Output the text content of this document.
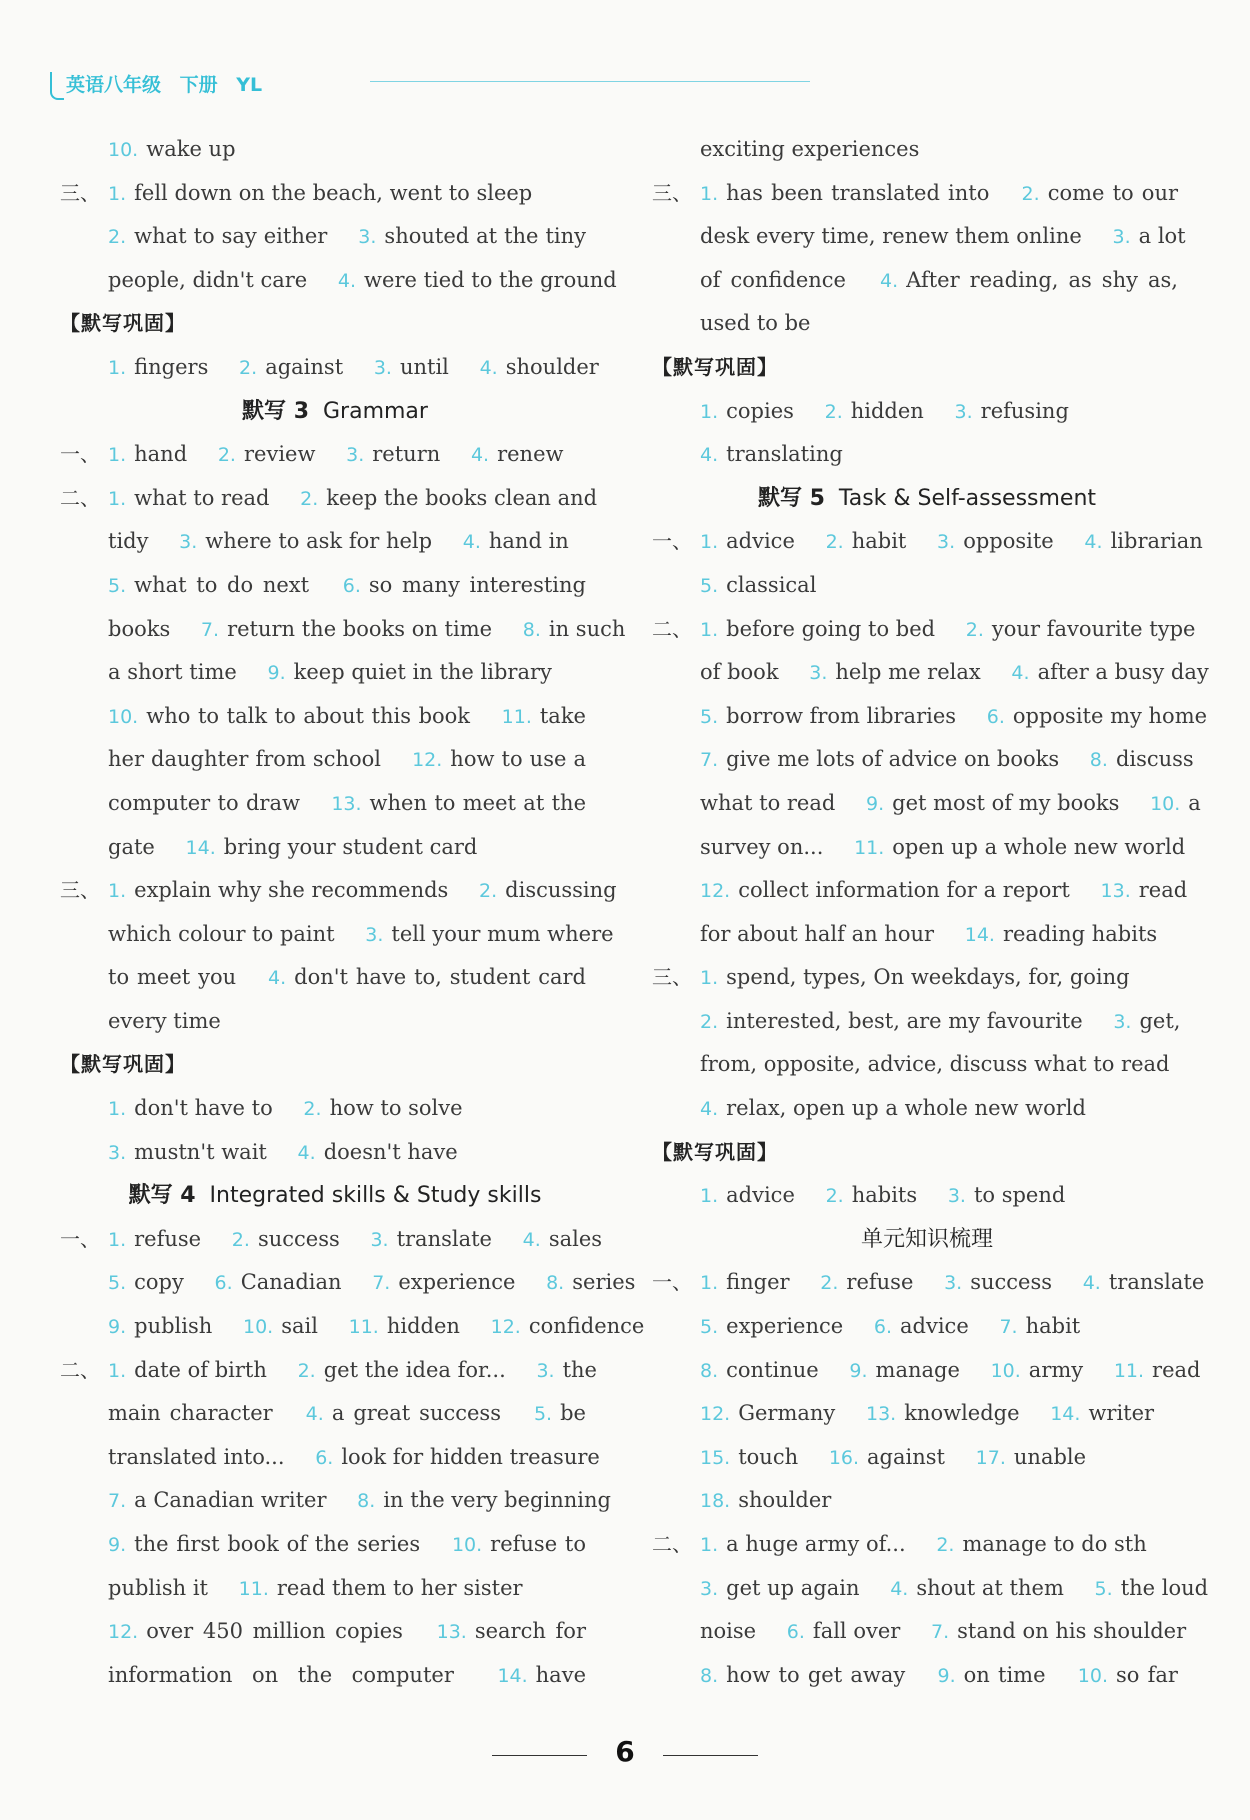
英语八年级 下册 YL
10. wake up
三、 1. fell down on the beach, went to sleep
2. what to say either 3. shouted at the tiny
people, didn't care 4. were tied to the ground
【默写巩固】
1. fingers 2. against 3. until 4. shoulder
默写 3 Grammar
一、 1. hand 2. review 3. return 4. renew
二、 1. what to read 2. keep the books clean and
tidy 3. where to ask for help 4. hand in
5. what to do next 6. so many interesting
books 7. return the books on time 8. in such
a short time 9. keep quiet in the library
10. who to talk to about this book 11. take
her daughter from school 12. how to use a
computer to draw 13. when to meet at the
gate 14. bring your student card
三、 1. explain why she recommends 2. discussing
which colour to paint 3. tell your mum where
to meet you 4. don't have to, student card
every time
【默写巩固】
1. don't have to 2. how to solve
3. mustn't wait 4. doesn't have
默写 4 Integrated skills & Study skills
一、 1. refuse 2. success 3. translate 4. sales
5. copy 6. Canadian 7. experience 8. series
9. publish 10. sail 11. hidden 12. confidence
二、 1. date of birth 2. get the idea for... 3. the
main character 4. a great success 5. be
translated into... 6. look for hidden treasure
7. a Canadian writer 8. in the very beginning
9. the first book of the series 10. refuse to
publish it 11. read them to her sister
12. over 450 million copies 13. search for
information on the computer 14. have
exciting experiences
三、 1. has been translated into 2. come to our
desk every time, renew them online 3. a lot
of confidence 4. After reading, as shy as,
used to be
【默写巩固】
1. copies 2. hidden 3. refusing
4. translating
默写 5 Task & Self-assessment
一、 1. advice 2. habit 3. opposite 4. librarian
5. classical
二、 1. before going to bed 2. your favourite type
of book 3. help me relax 4. after a busy day
5. borrow from libraries 6. opposite my home
7. give me lots of advice on books 8. discuss
what to read 9. get most of my books 10. a
survey on... 11. open up a whole new world
12. collect information for a report 13. read
for about half an hour 14. reading habits
三、 1. spend, types, On weekdays, for, going
2. interested, best, are my favourite 3. get,
from, opposite, advice, discuss what to read
4. relax, open up a whole new world
【默写巩固】
1. advice 2. habits 3. to spend
单元知识梳理
一、 1. finger 2. refuse 3. success 4. translate
5. experience 6. advice 7. habit
8. continue 9. manage 10. army 11. read
12. Germany 13. knowledge 14. writer
15. touch 16. against 17. unable
18. shoulder
二、 1. a huge army of... 2. manage to do sth
3. get up again 4. shout at them 5. the loud
noise 6. fall over 7. stand on his shoulder
8. how to get away 9. on time 10. so far
6
